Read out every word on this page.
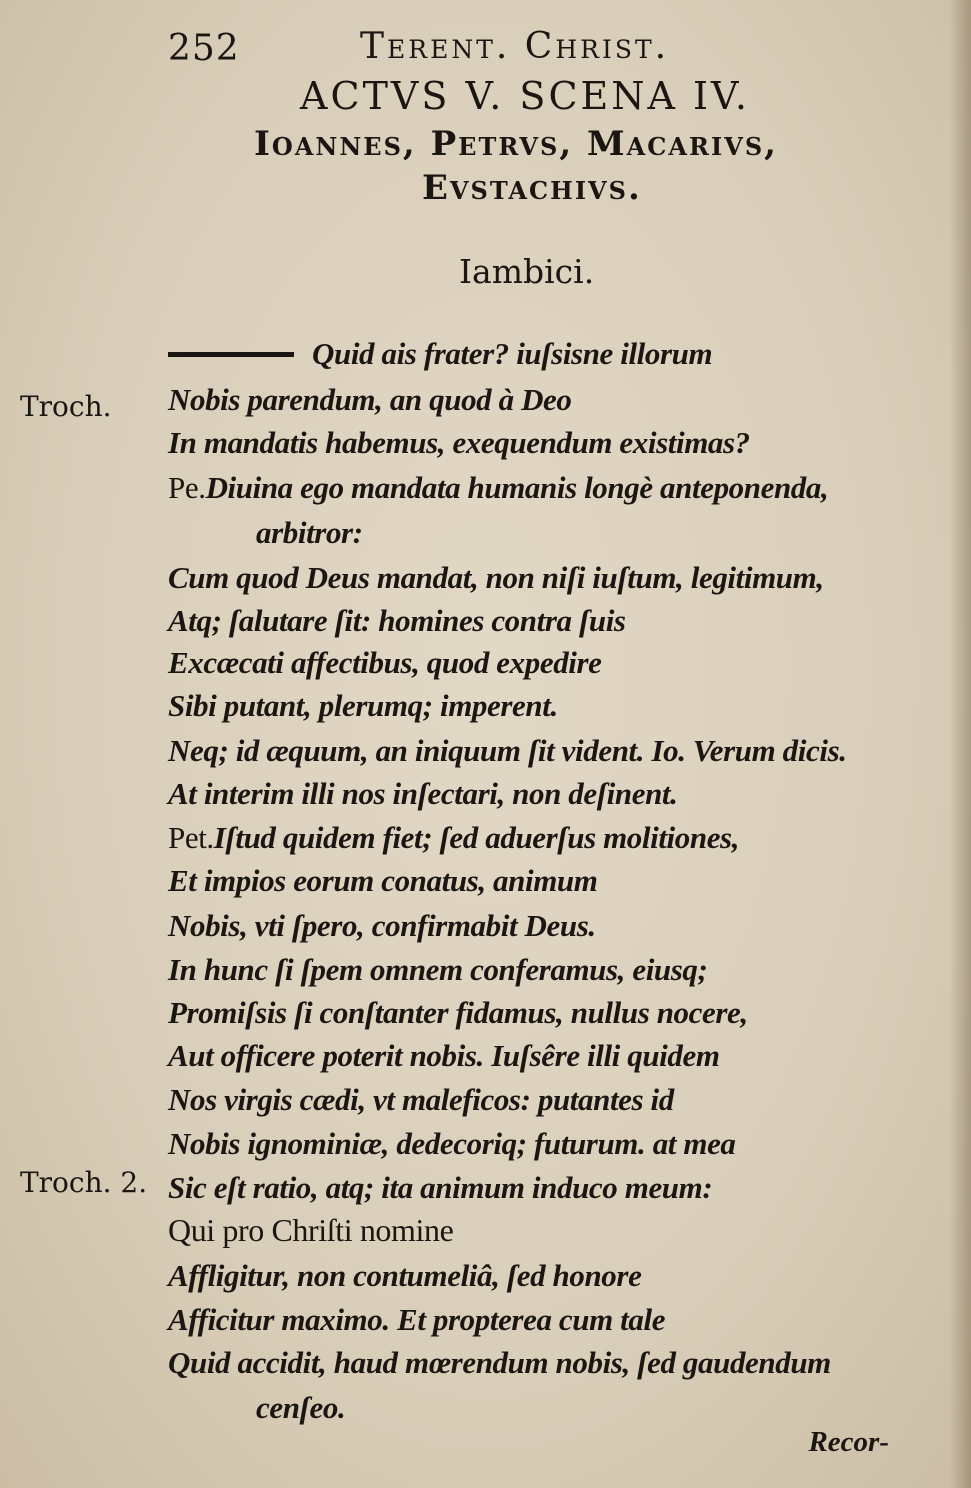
252	Terent. Christ.
ACTVS V. SCENA IV.
Ioannes, Petrvs, Macarivs,
Evstachivs.
Iambici.
Troch.
Troch. 2.
Quid ais frater? iuſsisne illorum
Nobis parendum, an quod à Deo
In mandatis habemus, exequendum existimas?
Pe.Diuina ego mandata humanis longè anteponenda,
arbitror:
Cum quod Deus mandat, non niſi iuſtum, legitimum,
Atq; ſalutare ſit: homines contra ſuis
Excæcati affectibus, quod expedire
Sibi putant, plerumq; imperent.
Neq; id æquum, an iniquum ſit vident. Io. Verum dicis.
At interim illi nos inſectari, non deſinent.
Pet.Iſtud quidem fiet; ſed aduerſus molitiones,
Et impios eorum conatus, animum
Nobis, vti ſpero, confirmabit Deus.
In hunc ſi ſpem omnem conferamus, eiusq;
Promiſsis ſi conſtanter fidamus, nullus nocere,
Aut officere poterit nobis. Iuſsêre illi quidem
Nos virgis cædi, vt maleficos: putantes id
Nobis ignominiæ, dedecoriq; futurum. at mea
Sic eſt ratio, atq; ita animum induco meum:
Qui pro Chriſti nomine
Affligitur, non contumeliâ, ſed honore
Afficitur maximo. Et propterea cum tale
Quid accidit, haud mœrendum nobis, ſed gaudendum
cenſeo.
Recor-
